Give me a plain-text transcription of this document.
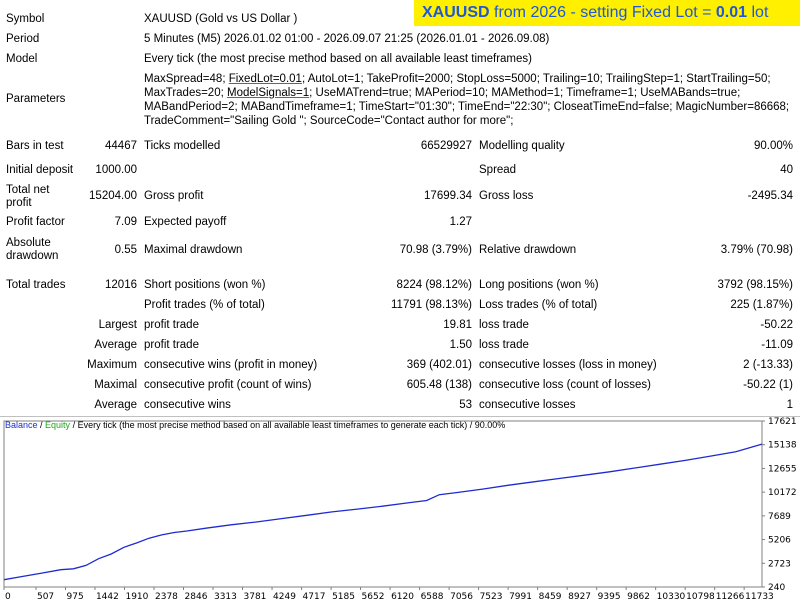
XAUUSD from 2026 - setting Fixed Lot = 0.01 lot
Symbol	XAUUSD (Gold vs US Dollar )
Period	5 Minutes (M5) 2026.01.02 01:00 - 2026.09.07 21:25 (2026.01.01 - 2026.09.08)
Model	Every tick (the most precise method based on all available least timeframes)
Parameters
MaxSpread=48; FixedLot=0.01; AutoLot=1; TakeProfit=2000; StopLoss=5000; Trailing=10; TrailingStep=1; StartTrailing=50; MaxTrades=20; ModelSignals=1; UseMATrend=true; MAPeriod=10; MAMethod=1; Timeframe=1; UseMABands=true; MABandPeriod=2; MABandTimeframe=1; TimeStart="01:30"; TimeEnd="22:30"; CloseatTimeEnd=false; MagicNumber=86668; TradeComment="Sailing Gold "; SourceCode="Contact author for more";
Bars in test	44467 Ticks modelled	66529927 Modelling quality	90.00%
Initial deposit	1000.00	Spread	40
Total net
profit
15204.00 Gross profit	17699.34 Gross loss	-2495.34
Profit factor	7.09 Expected payoff	1.27
Absolute
drawdown	0.55 Maximal drawdown	70.98 (3.79%) Relative drawdown	3.79% (70.98)
Total trades	12016 Short positions (won %)	8224 (98.12%) Long positions (won %)	3792 (98.15%)
Profit trades (% of total)	11791 (98.13%) Loss trades (% of total)	225 (1.87%)
Largest profit trade	19.81 loss trade	-50.22
Average profit trade	1.50 loss trade	-11.09
Maximum consecutive wins (profit in money)	369 (402.01) consecutive losses (loss in money)	2 (-13.33)
Maximal consecutive profit (count of wins)	605.48 (138) consecutive loss (count of losses)	-50.22 (1)
Average consecutive wins	53 consecutive losses	1
240
2723
5206
7689
10172
12655
15138
17621
0	507 975 1442 1910 2378 2846 3313 3781 4249 4717 5185 5652 6120 6588 7056 7523 7991 8459 8927 9395 9862 10330 10798 11266 11733
Balance / Equity / Every tick (the most precise method based on all available least timeframes to generate each tick) / 90.00%
